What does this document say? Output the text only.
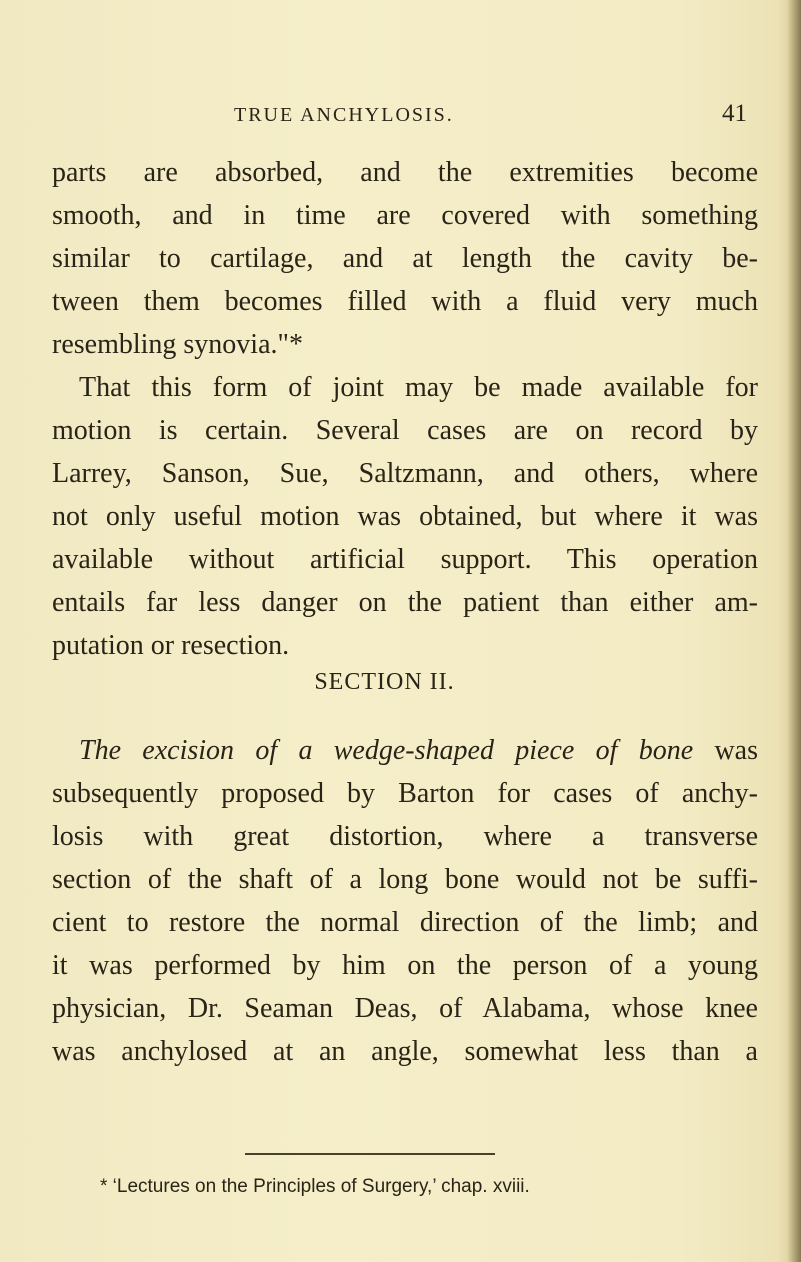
TRUE ANCHYLOSIS.	41
parts are absorbed, and the extremities become
smooth, and in time are covered with something
similar to cartilage, and at length the cavity be-
tween them becomes filled with a fluid very much
resembling synovia."*
That this form of joint may be made available for
motion is certain. Several cases are on record by
Larrey, Sanson, Sue, Saltzmann, and others, where
not only useful motion was obtained, but where it was
available without artificial support. This operation
entails far less danger on the patient than either am-
putation or resection.
SECTION II.
The excision of a wedge-shaped piece of bone was
subsequently proposed by Barton for cases of anchy-
losis with great distortion, where a transverse
section of the shaft of a long bone would not be suffi-
cient to restore the normal direction of the limb; and
it was performed by him on the person of a young
physician, Dr. Seaman Deas, of Alabama, whose knee
was anchylosed at an angle, somewhat less than a
* ‘Lectures on the Principles of Surgery,’ chap. xviii.
